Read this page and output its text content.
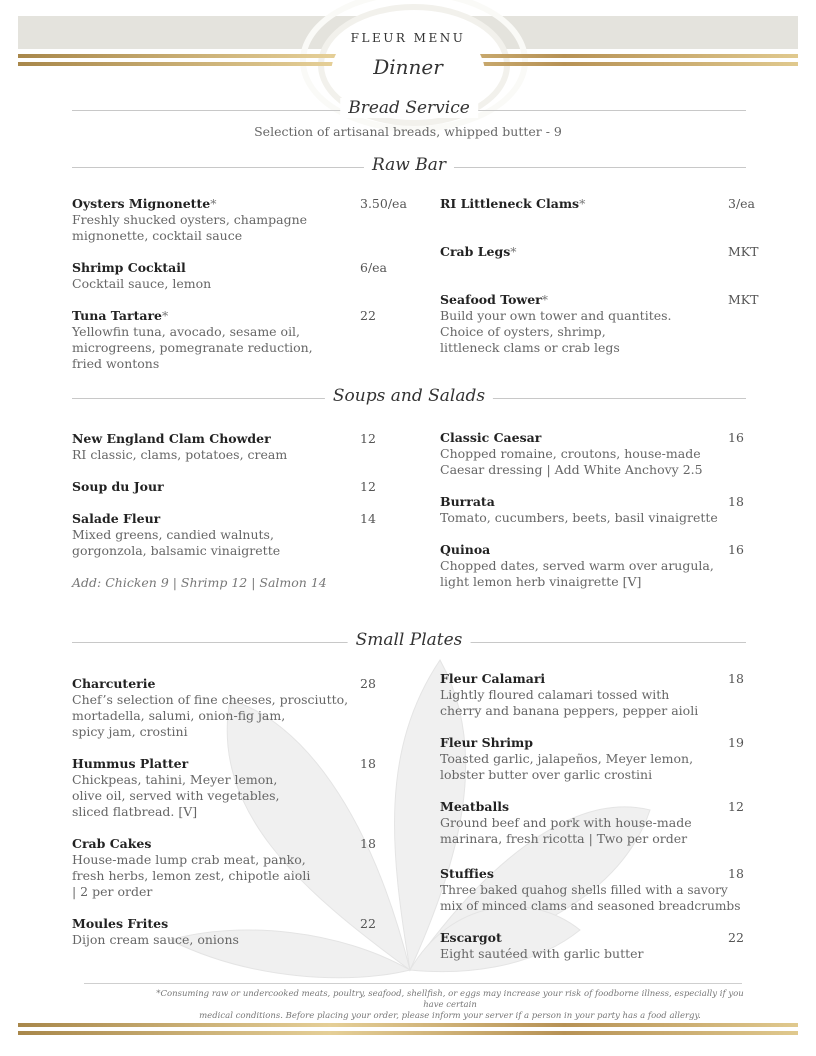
FLEUR MENU
Dinner
Bread Service
Selection of artisanal breads, whipped butter - 9
Raw Bar
Oysters Mignonette*	3.50/ea
Freshly shucked oysters, champagne
mignonette, cocktail sauce
Shrimp Cocktail	6/ea
Cocktail sauce, lemon
Tuna Tartare*	22
Yellowfin tuna, avocado, sesame oil,
microgreens, pomegranate reduction,
fried wontons
RI Littleneck Clams*	3/ea
Crab Legs*	MKT
Seafood Tower*	MKT
Build your own tower and quantites.
Choice of oysters, shrimp,
littleneck clams or crab legs
Soups and Salads
New England Clam Chowder	12
RI classic, clams, potatoes, cream
Soup du Jour	12
Salade Fleur	14
Mixed greens, candied walnuts,
gorgonzola, balsamic vinaigrette
Add: Chicken 9 | Shrimp 12 | Salmon 14
Classic Caesar	16
Chopped romaine, croutons, house-made
Caesar dressing | Add White Anchovy 2.5
Burrata	18
Tomato, cucumbers, beets, basil vinaigrette
Quinoa	16
Chopped dates, served warm over arugula,
light lemon herb vinaigrette [V]
Small Plates
Charcuterie	28
Chef’s selection of fine cheeses, prosciutto,
mortadella, salumi, onion-fig jam,
spicy jam, crostini
Hummus Platter	18
Chickpeas, tahini, Meyer lemon,
olive oil, served with vegetables,
sliced flatbread. [V]
Crab Cakes	18
House-made lump crab meat, panko,
fresh herbs, lemon zest, chipotle aioli
| 2 per order
Moules Frites	22
Dijon cream sauce, onions
Fleur Calamari	18
Lightly floured calamari tossed with
cherry and banana peppers, pepper aioli
Fleur Shrimp	19
Toasted garlic, jalapeños, Meyer lemon,
lobster butter over garlic crostini
Meatballs	12
Ground beef and pork with house-made
marinara, fresh ricotta | Two per order
Stuffies	18
Three baked quahog shells filled with a savory
mix of minced clams and seasoned breadcrumbs
Escargot	22
Eight sautéed with garlic butter
*Consuming raw or undercooked meats, poultry, seafood, shellfish, or eggs may increase your risk of foodborne illness, especially if you have certain
medical conditions. Before placing your order, please inform your server if a person in your party has a food allergy.
